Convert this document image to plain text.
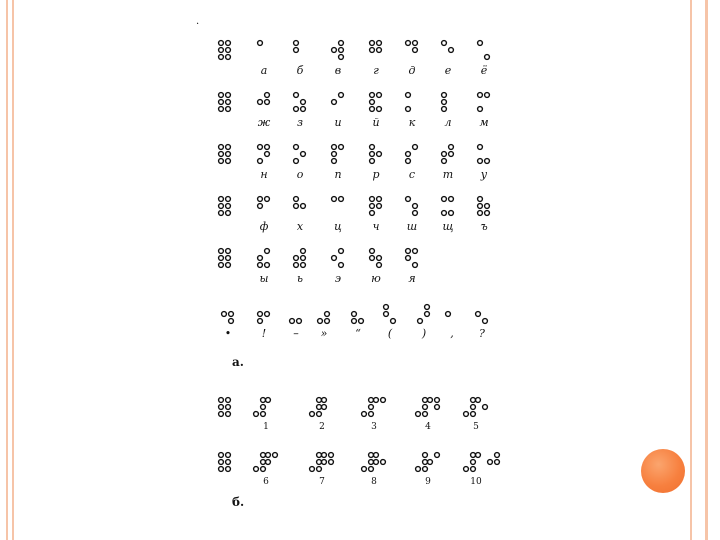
.
а	б	в	г	д	е	ё
ж	з	и	й	к	л	м
н	о	п	р	с	т	у
ф	х	ц	ч	ш	щ	ъ
ы	ь	э	ю	я
•	!	–	»	“	(	)	,	?
1	2	3	4	5
6	7	8	9	10
а.
б.
